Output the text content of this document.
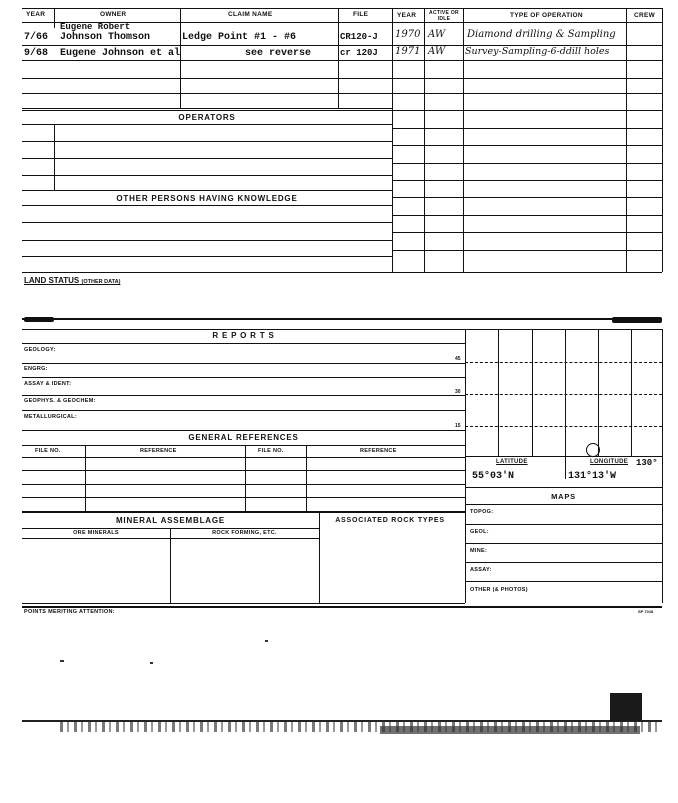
YEAR	OWNER	CLAIM NAME	FILE
Eugene Robert
7/66 Johnson Thomson	Ledge Point #1 - #6	CR120-J
9/68 Eugene Johnson et al	see reverse	cr 120J
YEAR	ACTIVE OR IDLE	TYPE OF OPERATION	CREW
1970 AW Diamond drilling & Sampling
1971 AW Survey-Sampling-6-ddill holes
OPERATORS
OTHER PERSONS HAVING KNOWLEDGE
LAND STATUS (OTHER DATA)
R E P O R T S
GEOLOGY:
45
ENGRG:
ASSAY & IDENT:
30
GEOPHYS. & GEOCHEM:
METALLURGICAL:
15
GENERAL REFERENCES
FILE NO.	REFERENCE	FILE NO.	REFERENCE
MINERAL ASSEMBLAGE
ORE MINERALS	ROCK FORMING, ETC.
ASSOCIATED ROCK TYPES
LATITUDE	LONGITUDE 130°
55°03'N	131°13'W
MAPS
TOPOG:
GEOL:
MINE:
ASSAY:
OTHER (& PHOTOS)
POINTS MERITING ATTENTION:	SP 7018
